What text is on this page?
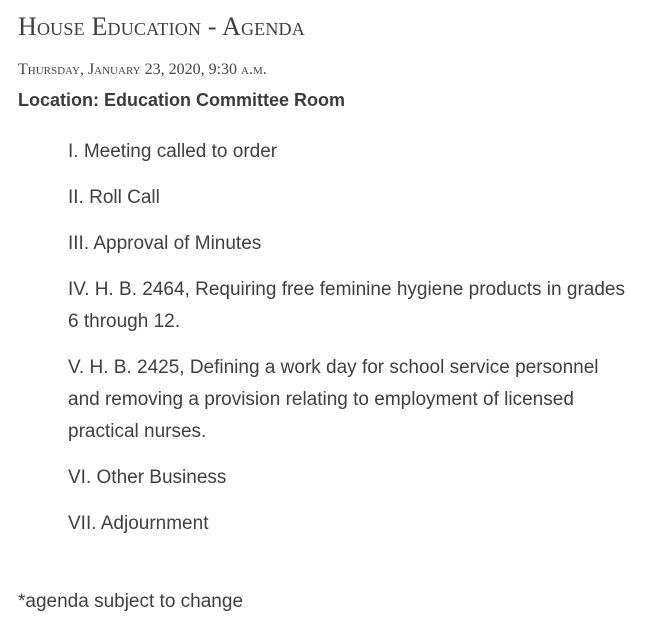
House Education - Agenda

Thursday, January 23, 2020, 9:30 a.m.

Location: Education Committee Room

I. Meeting called to order
II. Roll Call
III. Approval of Minutes
IV. H. B. 2464, Requiring free feminine hygiene products in grades 6 through 12.
V. H. B. 2425, Defining a work day for school service personnel and removing a provision relating to employment of licensed practical nurses.
VI. Other Business
VII. Adjournment

*agenda subject to change
